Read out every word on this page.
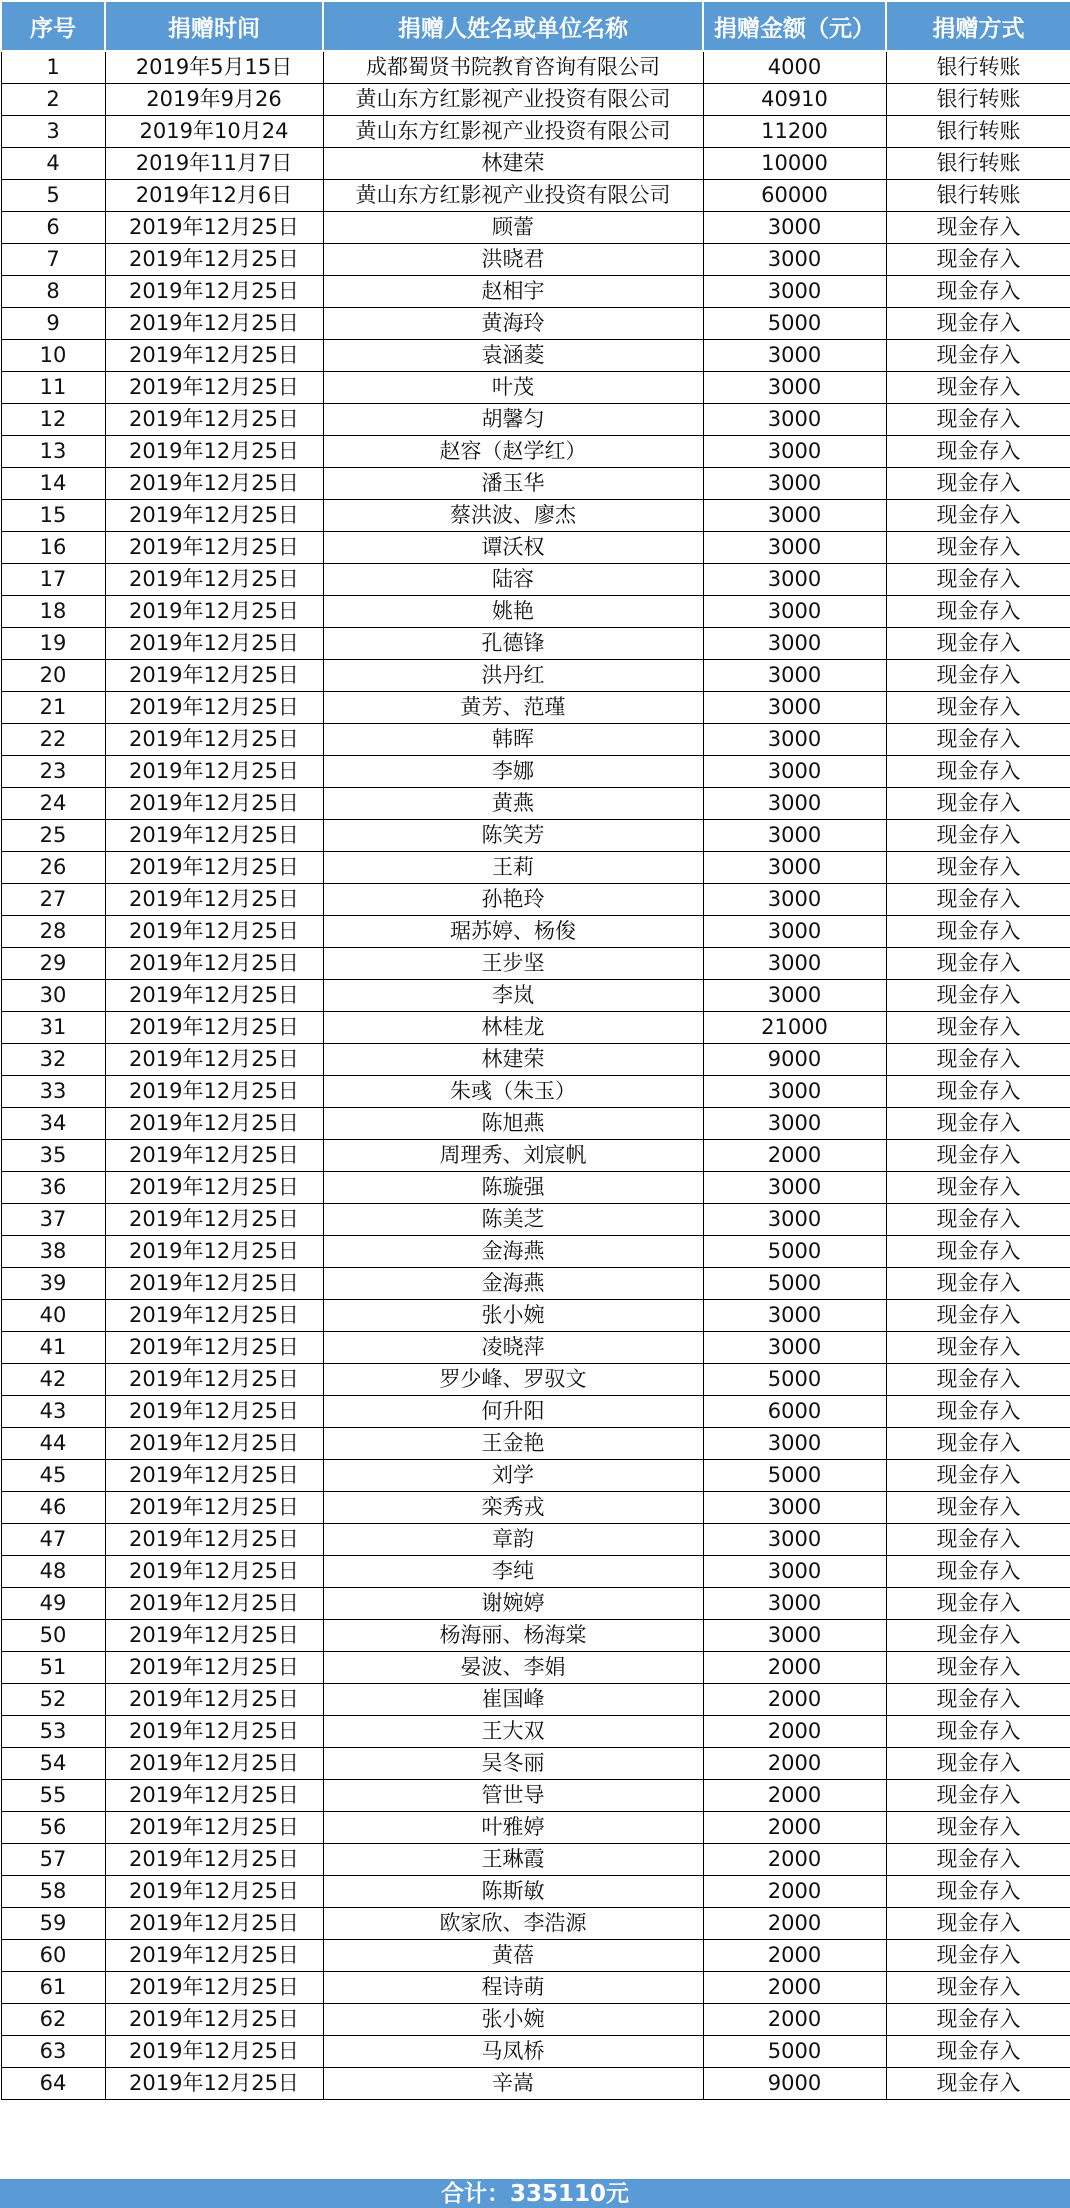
序号	捐赠时间	捐赠人姓名或单位名称	捐赠金额（元）	捐赠方式
1	2019年5月15日	成都蜀贤书院教育咨询有限公司	4000	银行转账
2	2019年9月26	黄山东方红影视产业投资有限公司	40910	银行转账
3	2019年10月24	黄山东方红影视产业投资有限公司	11200	银行转账
4	2019年11月7日	林建荣	10000	银行转账
5	2019年12月6日	黄山东方红影视产业投资有限公司	60000	银行转账
6	2019年12月25日	顾蕾	3000	现金存入
7	2019年12月25日	洪晓君	3000	现金存入
8	2019年12月25日	赵相宇	3000	现金存入
9	2019年12月25日	黄海玲	5000	现金存入
10	2019年12月25日	袁涵菱	3000	现金存入
11	2019年12月25日	叶茂	3000	现金存入
12	2019年12月25日	胡馨匀	3000	现金存入
13	2019年12月25日	赵容（赵学红）	3000	现金存入
14	2019年12月25日	潘玉华	3000	现金存入
15	2019年12月25日	蔡洪波、廖杰	3000	现金存入
16	2019年12月25日	谭沃权	3000	现金存入
17	2019年12月25日	陆容	3000	现金存入
18	2019年12月25日	姚艳	3000	现金存入
19	2019年12月25日	孔德锋	3000	现金存入
20	2019年12月25日	洪丹红	3000	现金存入
21	2019年12月25日	黄芳、范瑾	3000	现金存入
22	2019年12月25日	韩晖	3000	现金存入
23	2019年12月25日	李娜	3000	现金存入
24	2019年12月25日	黄燕	3000	现金存入
25	2019年12月25日	陈笑芳	3000	现金存入
26	2019年12月25日	王莉	3000	现金存入
27	2019年12月25日	孙艳玲	3000	现金存入
28	2019年12月25日	琚苏婷、杨俊	3000	现金存入
29	2019年12月25日	王步坚	3000	现金存入
30	2019年12月25日	李岚	3000	现金存入
31	2019年12月25日	林桂龙	21000	现金存入
32	2019年12月25日	林建荣	9000	现金存入
33	2019年12月25日	朱彧（朱玉）	3000	现金存入
34	2019年12月25日	陈旭燕	3000	现金存入
35	2019年12月25日	周理秀、刘宸帆	2000	现金存入
36	2019年12月25日	陈璇强	3000	现金存入
37	2019年12月25日	陈美芝	3000	现金存入
38	2019年12月25日	金海燕	5000	现金存入
39	2019年12月25日	金海燕	5000	现金存入
40	2019年12月25日	张小婉	3000	现金存入
41	2019年12月25日	凌晓萍	3000	现金存入
42	2019年12月25日	罗少峰、罗驭文	5000	现金存入
43	2019年12月25日	何升阳	6000	现金存入
44	2019年12月25日	王金艳	3000	现金存入
45	2019年12月25日	刘学	5000	现金存入
46	2019年12月25日	栾秀戎	3000	现金存入
47	2019年12月25日	章韵	3000	现金存入
48	2019年12月25日	李纯	3000	现金存入
49	2019年12月25日	谢婉婷	3000	现金存入
50	2019年12月25日	杨海丽、杨海棠	3000	现金存入
51	2019年12月25日	晏波、李娟	2000	现金存入
52	2019年12月25日	崔国峰	2000	现金存入
53	2019年12月25日	王大双	2000	现金存入
54	2019年12月25日	吴冬丽	2000	现金存入
55	2019年12月25日	管世导	2000	现金存入
56	2019年12月25日	叶雅婷	2000	现金存入
57	2019年12月25日	王琳霞	2000	现金存入
58	2019年12月25日	陈斯敏	2000	现金存入
59	2019年12月25日	欧家欣、李浩源	2000	现金存入
60	2019年12月25日	黄蓓	2000	现金存入
61	2019年12月25日	程诗萌	2000	现金存入
62	2019年12月25日	张小婉	2000	现金存入
63	2019年12月25日	马凤桥	5000	现金存入
64	2019年12月25日	辛嵩	9000	现金存入
合计：335110元
